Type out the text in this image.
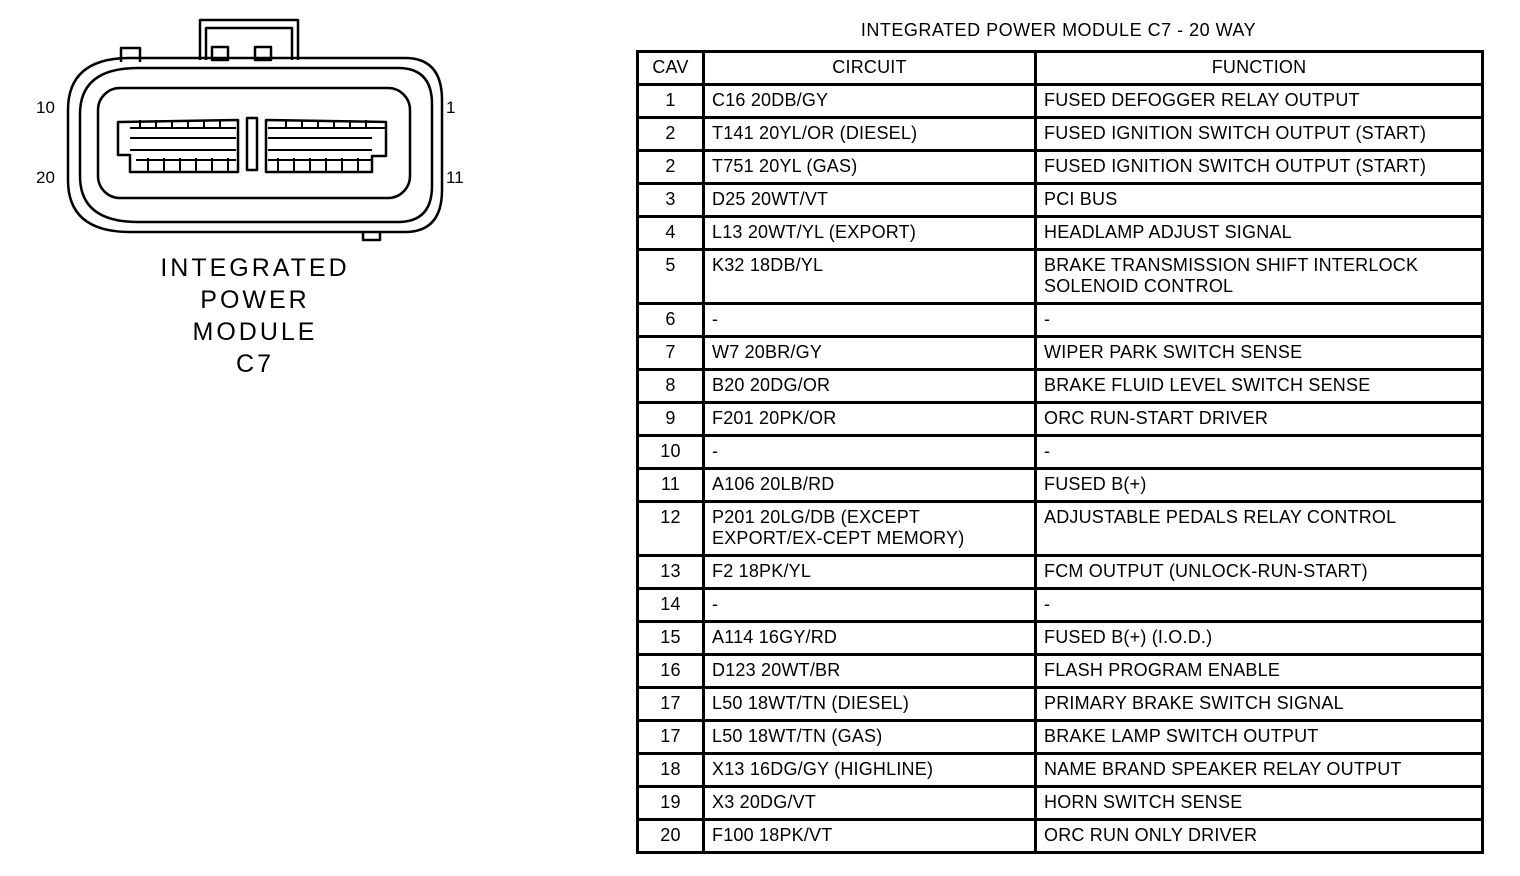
10
20
1
11
INTEGRATED
POWER
MODULE
C7
INTEGRATED POWER MODULE C7 - 20 WAY
CAV	CIRCUIT	FUNCTION
1	C16 20DB/GY	FUSED DEFOGGER RELAY OUTPUT
2	T141 20YL/OR (DIESEL)	FUSED IGNITION SWITCH OUTPUT (START)
2	T751 20YL (GAS)	FUSED IGNITION SWITCH OUTPUT (START)
3	D25 20WT/VT	PCI BUS
4	L13 20WT/YL (EXPORT)	HEADLAMP ADJUST SIGNAL
5	K32 18DB/YL	BRAKE TRANSMISSION SHIFT INTERLOCK SOLENOID CONTROL
6	-	-
7	W7 20BR/GY	WIPER PARK SWITCH SENSE
8	B20 20DG/OR	BRAKE FLUID LEVEL SWITCH SENSE
9	F201 20PK/OR	ORC RUN-START DRIVER
10	-	-
11	A106 20LB/RD	FUSED B(+)
12	P201 20LG/DB (EXCEPT EXPORT/EX-CEPT MEMORY)	ADJUSTABLE PEDALS RELAY CONTROL
13	F2 18PK/YL	FCM OUTPUT (UNLOCK-RUN-START)
14	-	-
15	A114 16GY/RD	FUSED B(+) (I.O.D.)
16	D123 20WT/BR	FLASH PROGRAM ENABLE
17	L50 18WT/TN (DIESEL)	PRIMARY BRAKE SWITCH SIGNAL
17	L50 18WT/TN (GAS)	BRAKE LAMP SWITCH OUTPUT
18	X13 16DG/GY (HIGHLINE)	NAME BRAND SPEAKER RELAY OUTPUT
19	X3 20DG/VT	HORN SWITCH SENSE
20	F100 18PK/VT	ORC RUN ONLY DRIVER
